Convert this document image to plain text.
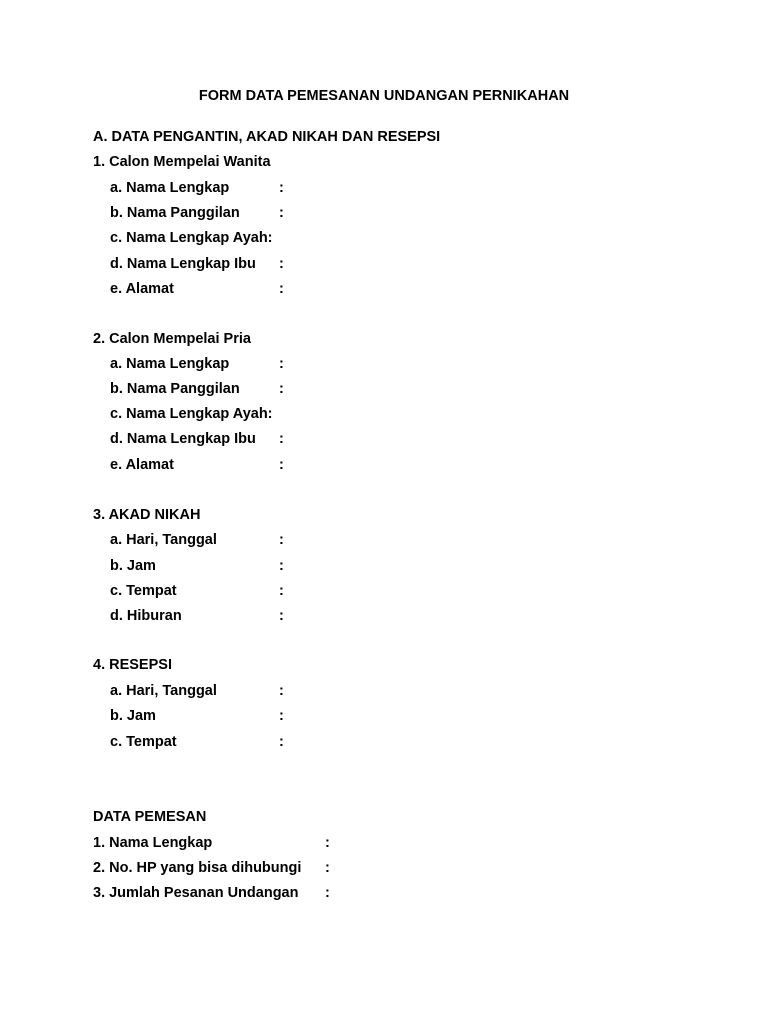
FORM DATA PEMESANAN UNDANGAN PERNIKAHAN
A. DATA PENGANTIN, AKAD NIKAH DAN RESEPSI
1. Calon Mempelai Wanita
a. Nama Lengkap	:
b. Nama Panggilan	:
c. Nama Lengkap Ayah:
d. Nama Lengkap Ibu :
e. Alamat	:
2. Calon Mempelai Pria
a. Nama Lengkap	:
b. Nama Panggilan	:
c. Nama Lengkap Ayah:
d. Nama Lengkap Ibu :
e. Alamat	:
3. AKAD NIKAH
a. Hari, Tanggal	:
b. Jam	:
c. Tempat	:
d. Hiburan	:
4. RESEPSI
a. Hari, Tanggal	:
b. Jam	:
c. Tempat	:
DATA PEMESAN
1. Nama Lengkap	:
2. No. HP yang bisa dihubungi :
3. Jumlah Pesanan Undangan :
